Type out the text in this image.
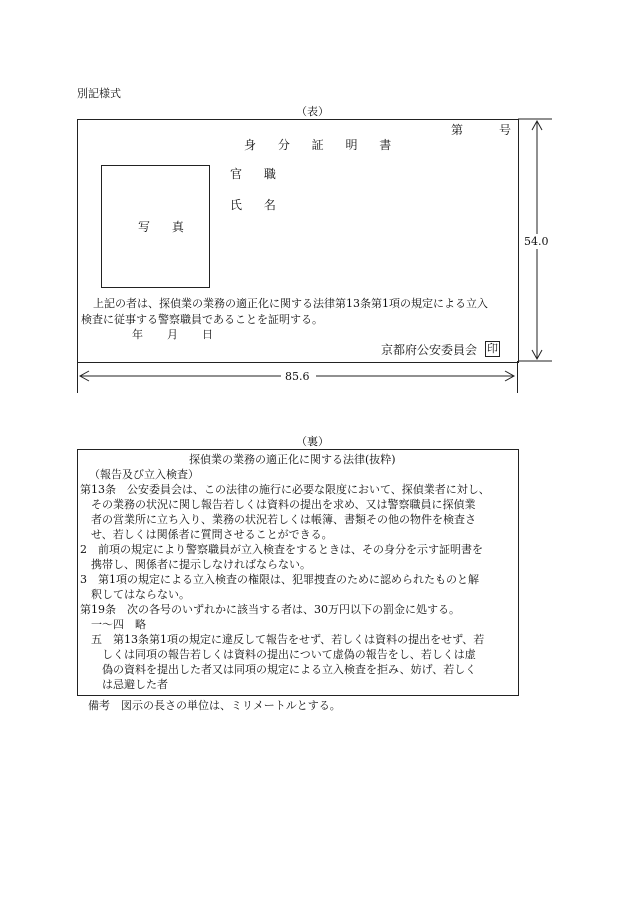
別記様式
（表）
第	号
身 分 証 明 書
写 真
官 職
氏 名
上記の者は、探偵業の業務の適正化に関する法律第13条第1項の規定による立入
検査に従事する警察職員であることを証明する。
年 月 日
京都府公安委員会 印
54.0
85.6
（裏）
探偵業の業務の適正化に関する法律(抜粋)
（報告及び立入検査）
第13条　公安委員会は、この法律の施行に必要な限度において、探偵業者に対し、
その業務の状況に関し報告若しくは資料の提出を求め、又は警察職員に探偵業
者の営業所に立ち入り、業務の状況若しくは帳簿、書類その他の物件を検査さ
せ、若しくは関係者に質問させることができる。
2　前項の規定により警察職員が立入検査をするときは、その身分を示す証明書を
携帯し、関係者に提示しなければならない。
3　第1項の規定による立入検査の権限は、犯罪捜査のために認められたものと解
釈してはならない。
第19条　次の各号のいずれかに該当する者は、30万円以下の罰金に処する。
一～四　略
五　第13条第1項の規定に違反して報告をせず、若しくは資料の提出をせず、若
しくは同項の報告若しくは資料の提出について虚偽の報告をし、若しくは虚
偽の資料を提出した者又は同項の規定による立入検査を拒み、妨げ、若しく
は忌避した者
備考　図示の長さの単位は、ミリメートルとする。
